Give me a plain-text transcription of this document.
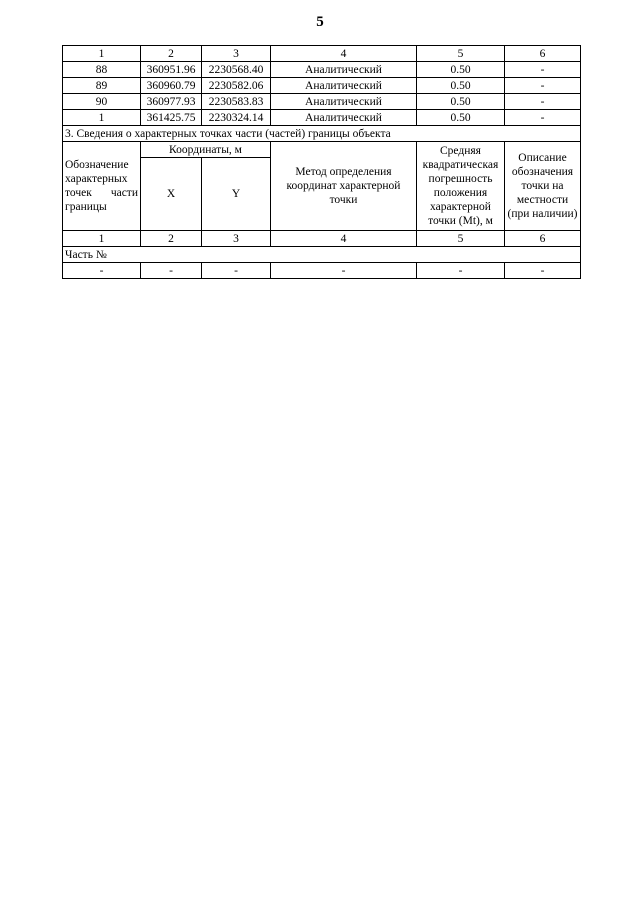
5
1	2	3	4	5	6
88	360951.96	2230568.40	Аналитический	0.50	-
89	360960.79	2230582.06	Аналитический	0.50	-
90	360977.93	2230583.83	Аналитический	0.50	-
1	361425.75	2230324.14	Аналитический	0.50	-
3. Сведения о характерных точках части (частей) границы объекта					

Обозначение характерных точек части границы	Координаты, м		Метод определения координат характерной точки	Средняя квадратическая погрешность положения характерной точки (Mt), м	Описание обозначения точки на местности (при наличии)
	X	Y			
1	2	3	4	5	6
Часть №					
-	-	-	-	-	-
